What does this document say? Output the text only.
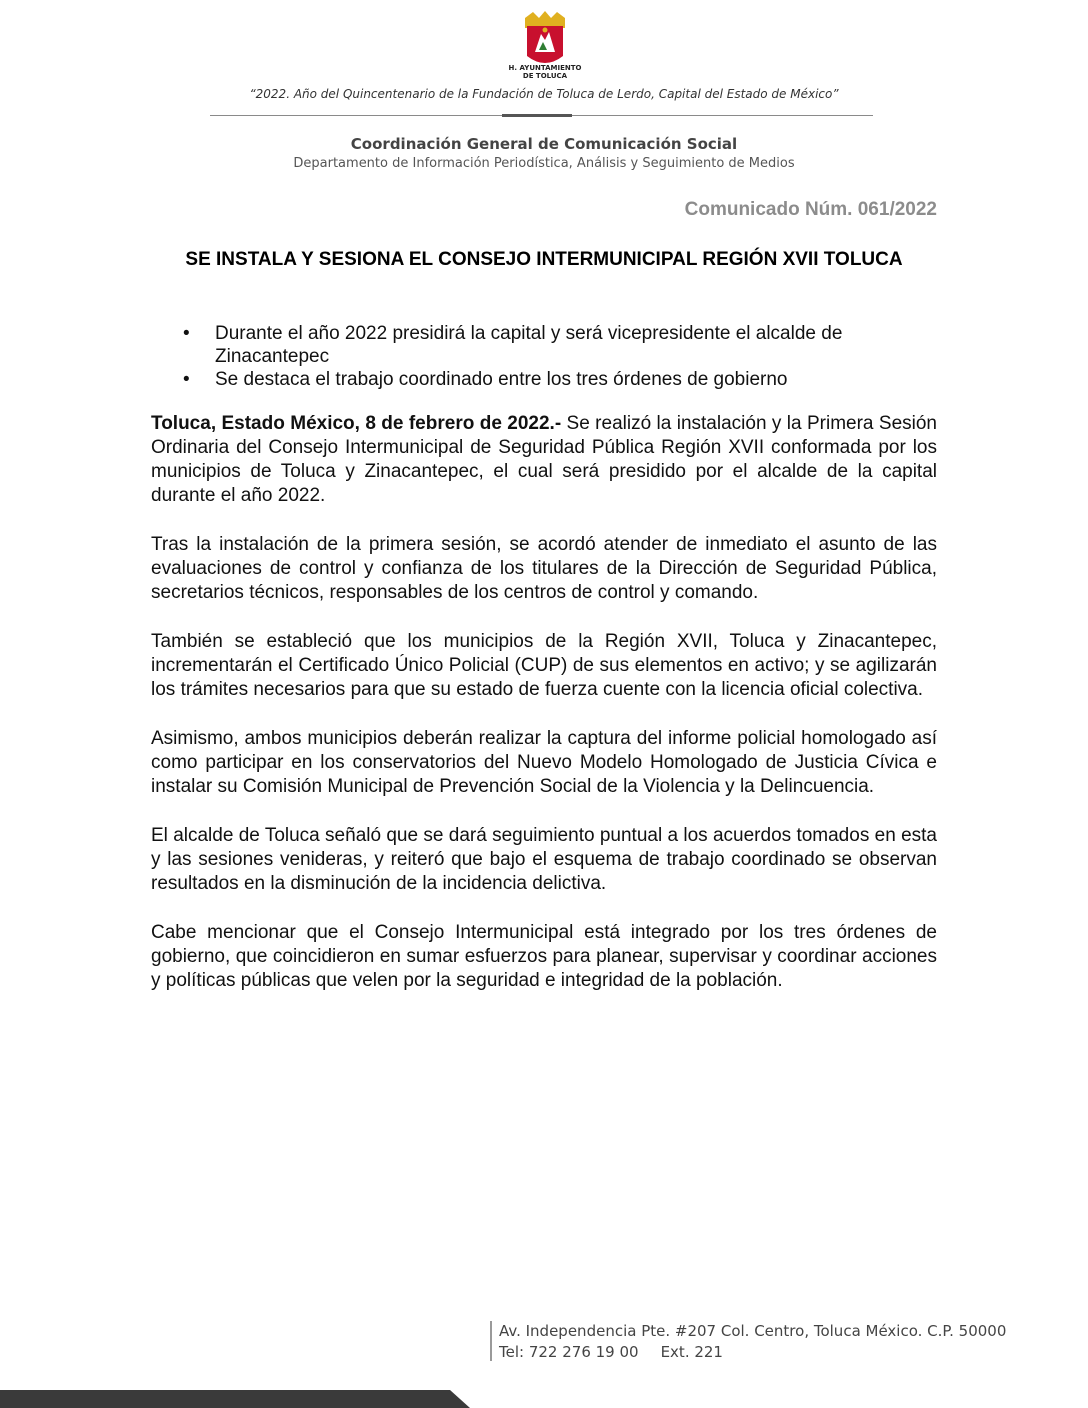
H. AYUNTAMIENTO
DE TOLUCA
“2022. Año del Quincentenario de la Fundación de Toluca de Lerdo, Capital del Estado de México”
Coordinación General de Comunicación Social
Departamento de Información Periodística, Análisis y Seguimiento de Medios
Comunicado Núm. 061/2022
SE INSTALA Y SESIONA EL CONSEJO INTERMUNICIPAL REGIÓN XVII TOLUCA
• Durante el año 2022 presidirá la capital y será vicepresidente el alcalde de Zinacantepec
• Se destaca el trabajo coordinado entre los tres órdenes de gobierno

Toluca, Estado México, 8 de febrero de 2022.- Se realizó la instalación y la Primera Sesión Ordinaria del Consejo Intermunicipal de Seguridad Pública Región XVII conformada por los municipios de Toluca y Zinacantepec, el cual será presidido por el alcalde de la capital durante el año 2022.

Tras la instalación de la primera sesión, se acordó atender de inmediato el asunto de las evaluaciones de control y confianza de los titulares de la Dirección de Seguridad Pública, secretarios técnicos, responsables de los centros de control y comando.

También se estableció que los municipios de la Región XVII, Toluca y Zinacantepec, incrementarán el Certificado Único Policial (CUP) de sus elementos en activo; y se agilizarán los trámites necesarios para que su estado de fuerza cuente con la licencia oficial colectiva.

Asimismo, ambos municipios deberán realizar la captura del informe policial homologado así como participar en los conservatorios del Nuevo Modelo Homologado de Justicia Cívica e instalar su Comisión Municipal de Prevención Social de la Violencia y la Delincuencia.

El alcalde de Toluca señaló que se dará seguimiento puntual a los acuerdos tomados en esta y las sesiones venideras, y reiteró que bajo el esquema de trabajo coordinado se observan resultados en la disminución de la incidencia delictiva.

Cabe mencionar que el Consejo Intermunicipal está integrado por los tres órdenes de gobierno, que coincidieron en sumar esfuerzos para planear, supervisar y coordinar acciones y políticas públicas que velen por la seguridad e integridad de la población.

Av. Independencia Pte. #207 Col. Centro, Toluca México. C.P. 50000
Tel: 722 276 19 00 Ext. 221
